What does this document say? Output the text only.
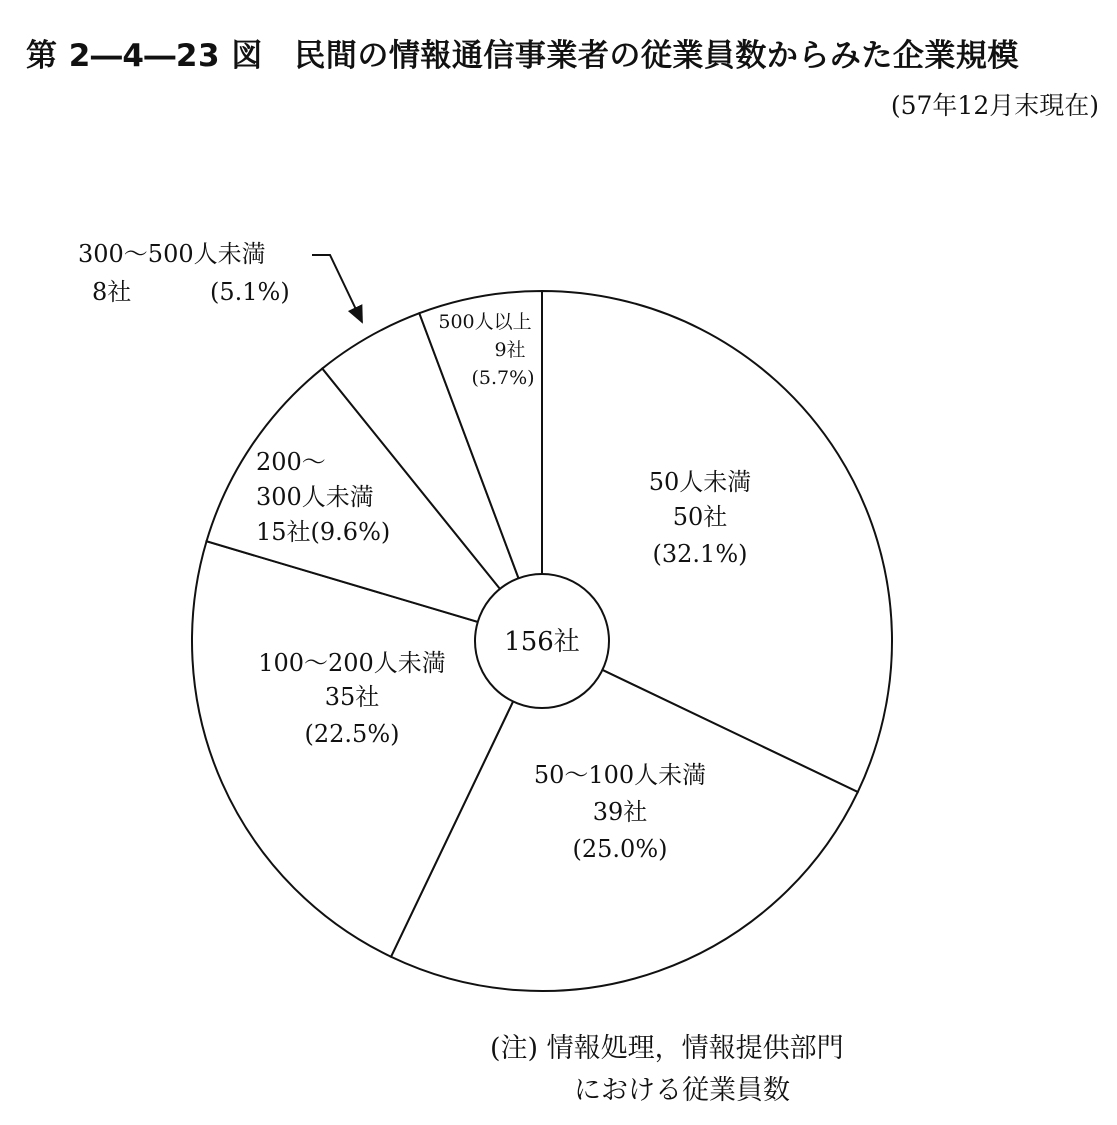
第 2―4―23 図　民間の情報通信事業者の従業員数からみた企業規模
(57年12月末現在)
156社
50人未満
50社
(32.1%)
50～100人未満
39社
(25.0%)
100～200人未満
35社
(22.5%)
200～
300人未満
15社(9.6%)
300～500人未満
8社	(5.1%)
500人以上
9社
(5.7%)
(注) 情報処理，情報提供部門
における従業員数
